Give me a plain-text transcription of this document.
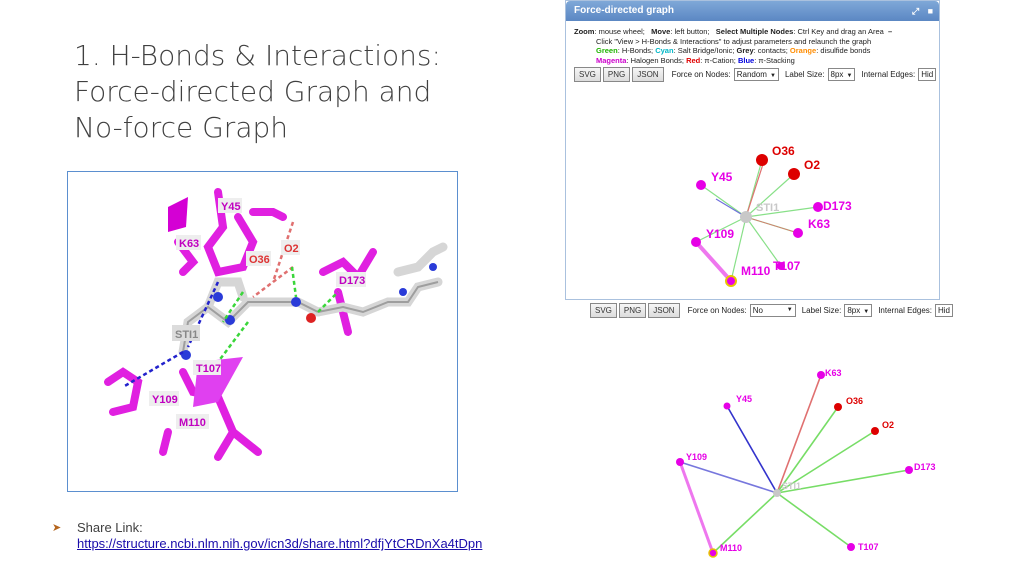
1. H-Bonds & Interactions:
Force-directed Graph and
No-force Graph
Y45
K63
O36
O2
D173
STI1
T107
Y109
M110
➤ Share Link:
https://structure.ncbi.nlm.nih.gov/icn3d/share.html?dfjYtCRDnXa4tDpn
Force-directed graph	⤢ ■
Zoom: mouse wheel; Move: left button; Select Multiple Nodes: Ctrl Key and drag an Area –
Click "View > H-Bonds & Interactions" to adjust parameters and relaunch the graph
Green: H-Bonds; Cyan: Salt Bridge/Ionic; Grey: contacts; Orange: disulfide bonds
Magenta: Halogen Bonds; Red: π-Cation; Blue: π-Stacking
SVG	PNG	JSON	Force on Nodes: Random ▼	Label Size: 8px ▼	Internal Edges: Hid
O36
O2
Y45
D173
K63
Y109
M110 T107
STI1
SVG	PNG	JSON	Force on Nodes: No	▼ Label Size: 8px ▼	Internal Edges: Hid
K63
Y45	O36
O2
Y109
D173
M110	T107
STI1
